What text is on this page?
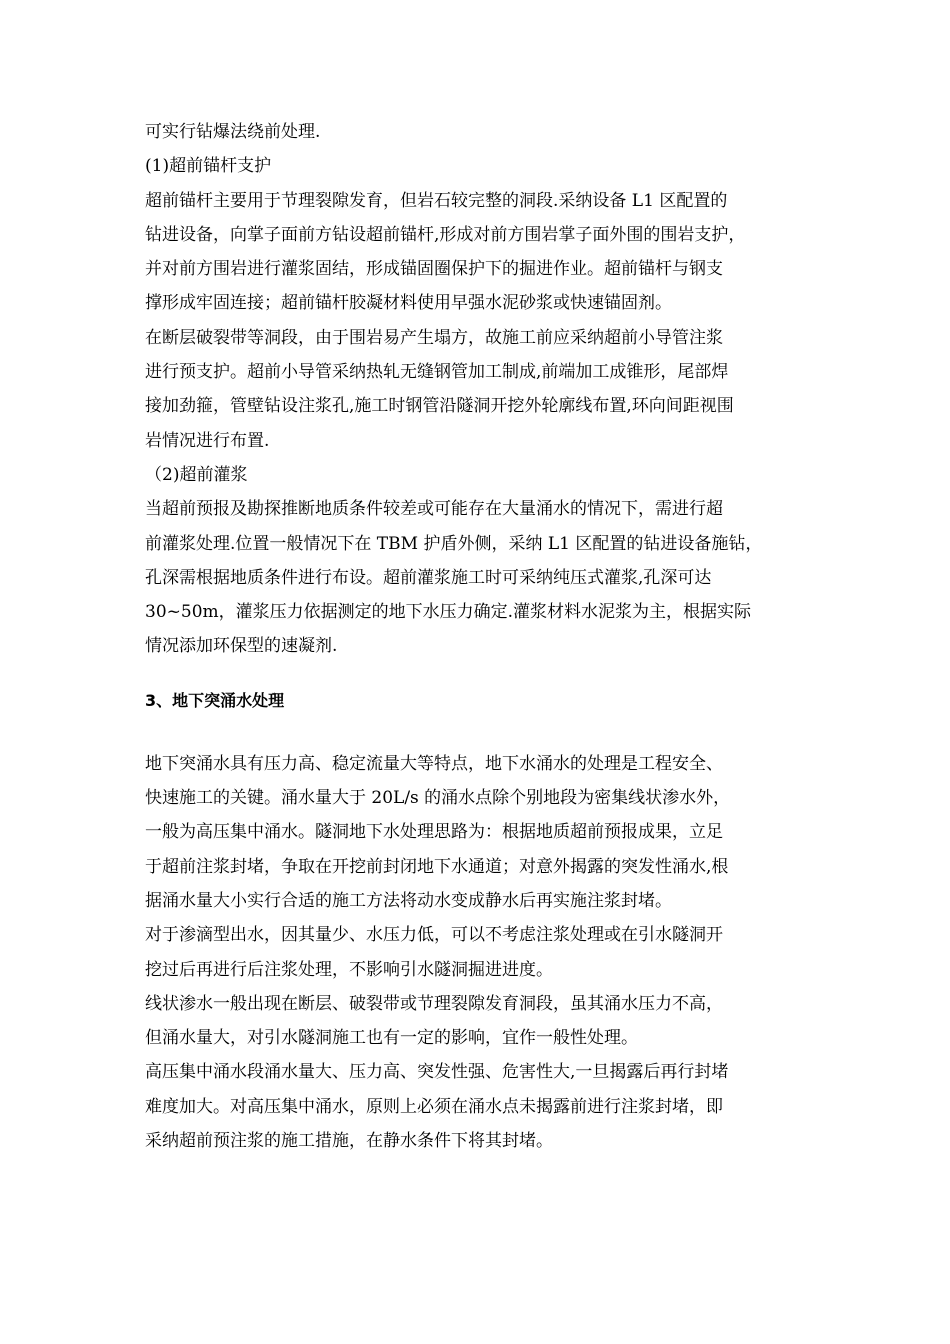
可实行钻爆法绕前处理.
(1)超前锚杆支护
超前锚杆主要用于节理裂隙发育，但岩石较完整的洞段.采纳设备 L1 区配置的
钻进设备，向掌子面前方钻设超前锚杆,形成对前方围岩掌子面外围的围岩支护，
并对前方围岩进行灌浆固结，形成锚固圈保护下的掘进作业。超前锚杆与钢支
撑形成牢固连接；超前锚杆胶凝材料使用早强水泥砂浆或快速锚固剂。
在断层破裂带等洞段，由于围岩易产生塌方，故施工前应采纳超前小导管注浆
进行预支护。超前小导管采纳热轧无缝钢管加工制成,前端加工成锥形，尾部焊
接加劲箍，管壁钻设注浆孔,施工时钢管沿隧洞开挖外轮廓线布置,环向间距视围
岩情况进行布置.
（2)超前灌浆
当超前预报及勘探推断地质条件较差或可能存在大量涌水的情况下，需进行超
前灌浆处理.位置一般情况下在 TBM 护盾外侧，采纳 L1 区配置的钻进设备施钻，
孔深需根据地质条件进行布设。超前灌浆施工时可采纳纯压式灌浆,孔深可达
30~50m，灌浆压力依据测定的地下水压力确定.灌浆材料水泥浆为主，根据实际
情况添加环保型的速凝剂.
3、地下突涌水处理
地下突涌水具有压力高、稳定流量大等特点，地下水涌水的处理是工程安全、
快速施工的关键。涌水量大于 20L/s 的涌水点除个别地段为密集线状渗水外，
一般为高压集中涌水。隧洞地下水处理思路为：根据地质超前预报成果，立足
于超前注浆封堵，争取在开挖前封闭地下水通道；对意外揭露的突发性涌水,根
据涌水量大小实行合适的施工方法将动水变成静水后再实施注浆封堵。
对于渗滴型出水，因其量少、水压力低，可以不考虑注浆处理或在引水隧洞开
挖过后再进行后注浆处理，不影响引水隧洞掘进进度。
线状渗水一般出现在断层、破裂带或节理裂隙发育洞段，虽其涌水压力不高，
但涌水量大，对引水隧洞施工也有一定的影响，宜作一般性处理。
高压集中涌水段涌水量大、压力高、突发性强、危害性大,一旦揭露后再行封堵
难度加大。对高压集中涌水，原则上必须在涌水点未揭露前进行注浆封堵，即
采纳超前预注浆的施工措施，在静水条件下将其封堵。
